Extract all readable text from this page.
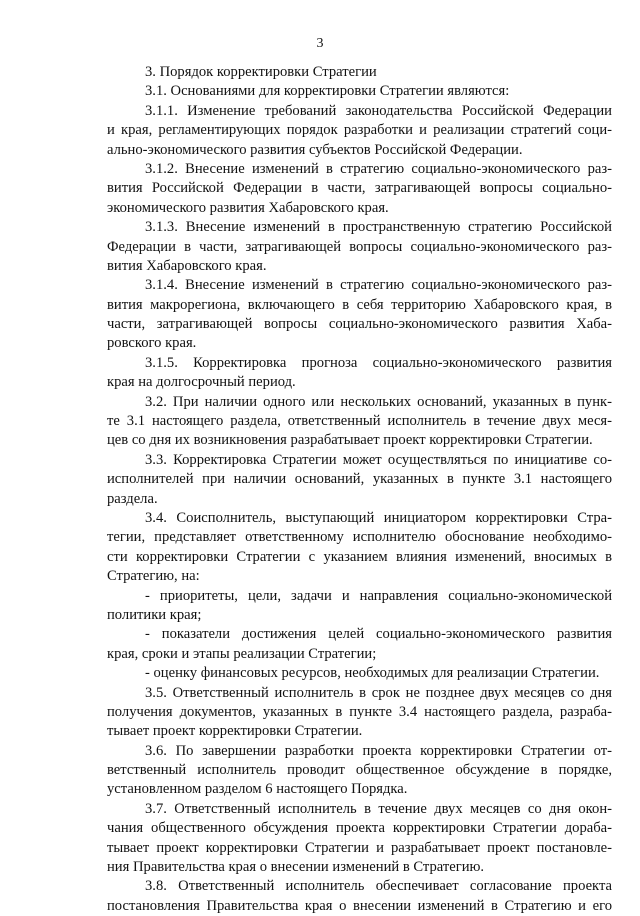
3
3. Порядок корректировки Стратегии
3.1. Основаниями для корректировки Стратегии являются:
3.1.1. Изменение требований законодательства Российской Федерации
и края, регламентирующих порядок разработки и реализации стратегий соци-
ально-экономического развития субъектов Российской Федерации.
3.1.2. Внесение изменений в стратегию социально-экономического раз-
вития Российской Федерации в части, затрагивающей вопросы социально-
экономического развития Хабаровского края.
3.1.3. Внесение изменений в пространственную стратегию Российской
Федерации в части, затрагивающей вопросы социально-экономического раз-
вития Хабаровского края.
3.1.4. Внесение изменений в стратегию социально-экономического раз-
вития макрорегиона, включающего в себя территорию Хабаровского края, в
части, затрагивающей вопросы социально-экономического развития Хаба-
ровского края.
3.1.5. Корректировка прогноза социально-экономического развития
края на долгосрочный период.
3.2. При наличии одного или нескольких оснований, указанных в пунк-
те 3.1 настоящего раздела, ответственный исполнитель в течение двух меся-
цев со дня их возникновения разрабатывает проект корректировки Стратегии.
3.3. Корректировка Стратегии может осуществляться по инициативе со-
исполнителей при наличии оснований, указанных в пункте 3.1 настоящего
раздела.
3.4. Соисполнитель, выступающий инициатором корректировки Стра-
тегии, представляет ответственному исполнителю обоснование необходимо-
сти корректировки Стратегии с указанием влияния изменений, вносимых в
Стратегию, на:
- приоритеты, цели, задачи и направления социально-экономической
политики края;
- показатели достижения целей социально-экономического развития
края, сроки и этапы реализации Стратегии;
- оценку финансовых ресурсов, необходимых для реализации Стратегии.
3.5. Ответственный исполнитель в срок не позднее двух месяцев со дня
получения документов, указанных в пункте 3.4 настоящего раздела, разраба-
тывает проект корректировки Стратегии.
3.6. По завершении разработки проекта корректировки Стратегии от-
ветственный исполнитель проводит общественное обсуждение в порядке,
установленном разделом 6 настоящего Порядка.
3.7. Ответственный исполнитель в течение двух месяцев со дня окон-
чания общественного обсуждения проекта корректировки Стратегии дораба-
тывает проект корректировки Стратегии и разрабатывает проект постановле-
ния Правительства края о внесении изменений в Стратегию.
3.8. Ответственный исполнитель обеспечивает согласование проекта
постановления Правительства края о внесении изменений в Стратегию и его
